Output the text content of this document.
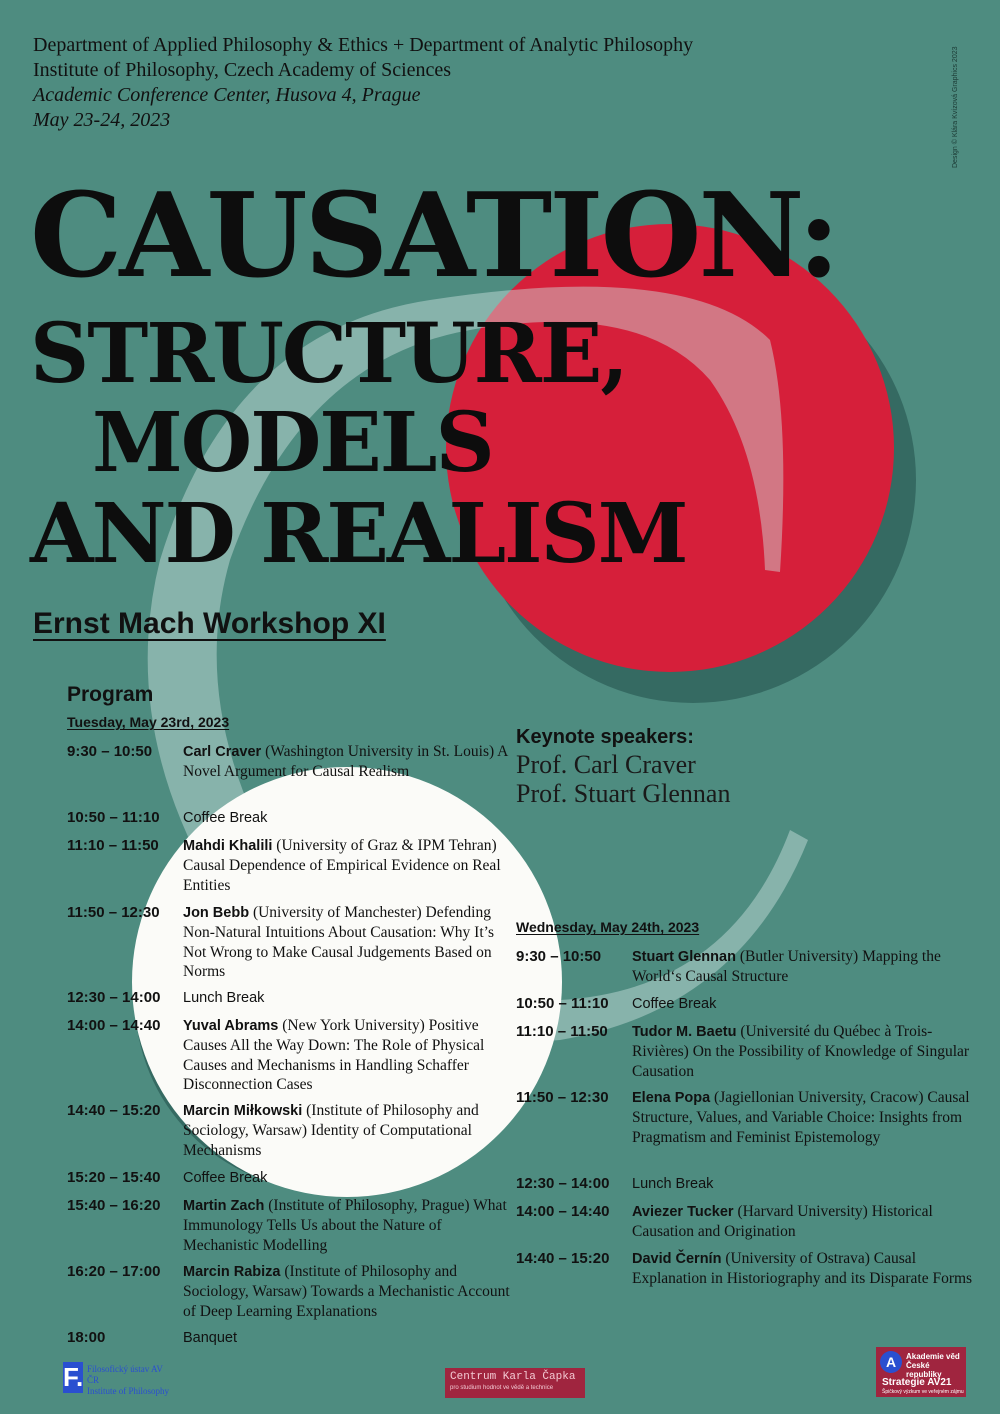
Department of Applied Philosophy & Ethics + Department of Analytic Philosophy
Institute of Philosophy, Czech Academy of Sciences
Academic Conference Center, Husova 4, Prague
May 23-24, 2023	Design © Klára Kvízová Graphics 2023
CAUSATION:
STRUCTURE,
MODELS
AND REALISM
Ernst Mach Workshop XI
Program
Tuesday, May 23rd, 2023
9:30 – 10:50	Carl Craver (Washington University in St. Louis) A Novel Argument for Causal Realism
10:50 – 11:10	Coffee Break
11:10 – 11:50	Mahdi Khalili (University of Graz & IPM Tehran) Causal Dependence of Empirical Evidence on Real Entities
11:50 – 12:30	Jon Bebb (University of Manchester) Defending Non-Natural Intuitions About Causation: Why It’s Not Wrong to Make Causal Judgements Based on Norms
12:30 – 14:00	Lunch Break
14:00 – 14:40	Yuval Abrams (New York University) Positive Causes All the Way Down: The Role of Physical Causes and Mechanisms in Handling Schaffer Disconnection Cases
14:40 – 15:20	Marcin Miłkowski (Institute of Philosophy and Sociology, Warsaw) Identity of Computational Mechanisms
15:20 – 15:40	Coffee Break
15:40 – 16:20	Martin Zach (Institute of Philosophy, Prague) What Immunology Tells Us about the Nature of Mechanistic Modelling
16:20 – 17:00	Marcin Rabiza (Institute of Philosophy and Sociology, Warsaw) Towards a Mechanistic Account of Deep Learning Explanations
18:00	Banquet
Keynote speakers:
Prof. Carl Craver
Prof. Stuart Glennan
Wednesday, May 24th, 2023
9:30 – 10:50	Stuart Glennan (Butler University) Mapping the World‘s Causal Structure
10:50 – 11:10	Coffee Break
11:10 – 11:50	Tudor M. Baetu (Université du Québec à Trois-Rivières) On the Possibility of Knowledge of Singular Causation
11:50 – 12:30	Elena Popa (Jagiellonian University, Cracow) Causal Structure, Values, and Variable Choice: Insights from Pragmatism and Feminist Epistemology
12:30 – 14:00	Lunch Break
14:00 – 14:40	Aviezer Tucker (Harvard University) Historical Causation and Origination
14:40 – 15:20	David Černín (University of Ostrava) Causal Explanation in Historiography and its Disparate Forms
F. Filosofický ústav AV ČR
Institute of Philosophy
Centrum Karla Čapka
pro studium hodnot ve vědě a technice
A	Akademie věd
České republiky
Strategie AV21
Špičkový výzkum ve veřejném zájmu
